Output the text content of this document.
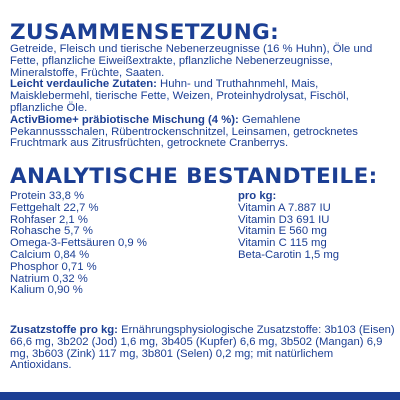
ZUSAMMENSETZUNG:
Getreide, Fleisch und tierische Nebenerzeugnisse (16 % Huhn), Öle und Fette, pflanzliche Eiweißextrakte, pflanzliche Nebenerzeugnisse, Mineralstoffe, Früchte, Saaten.
Leicht verdauliche Zutaten: Huhn- und Truthahnmehl, Mais, Maisklebermehl, tierische Fette, Weizen, Proteinhydrolysat, Fischöl, pflanzliche Öle.
ActivBiome+ präbiotische Mischung (4 %): Gemahlene Pekannussschalen, Rübentrockenschnitzel, Leinsamen, getrocknetes Fruchtmark aus Zitrusfrüchten, getrocknete Cranberrys.
ANALYTISCHE BESTANDTEILE:
Protein 33,8 %
Fettgehalt 22,7 %
Rohfaser 2,1 %
Rohasche 5,7 %
Omega-3-Fettsäuren 0,9 %
Calcium 0,84 %
Phosphor 0,71 %
Natrium 0,32 %
Kalium 0,90 %
pro kg:
Vitamin A 7.887 IU
Vitamin D3 691 IU
Vitamin E 560 mg
Vitamin C 115 mg
Beta-Carotin 1,5 mg
Zusatzstoffe pro kg: Ernährungsphysiologische Zusatzstoffe: 3b103 (Eisen) 66,6 mg, 3b202 (Jod) 1,6 mg, 3b405 (Kupfer) 6,6 mg, 3b502 (Mangan) 6,9 mg, 3b603 (Zink) 117 mg, 3b801 (Selen) 0,2 mg; mit natürlichem Antioxidans.
